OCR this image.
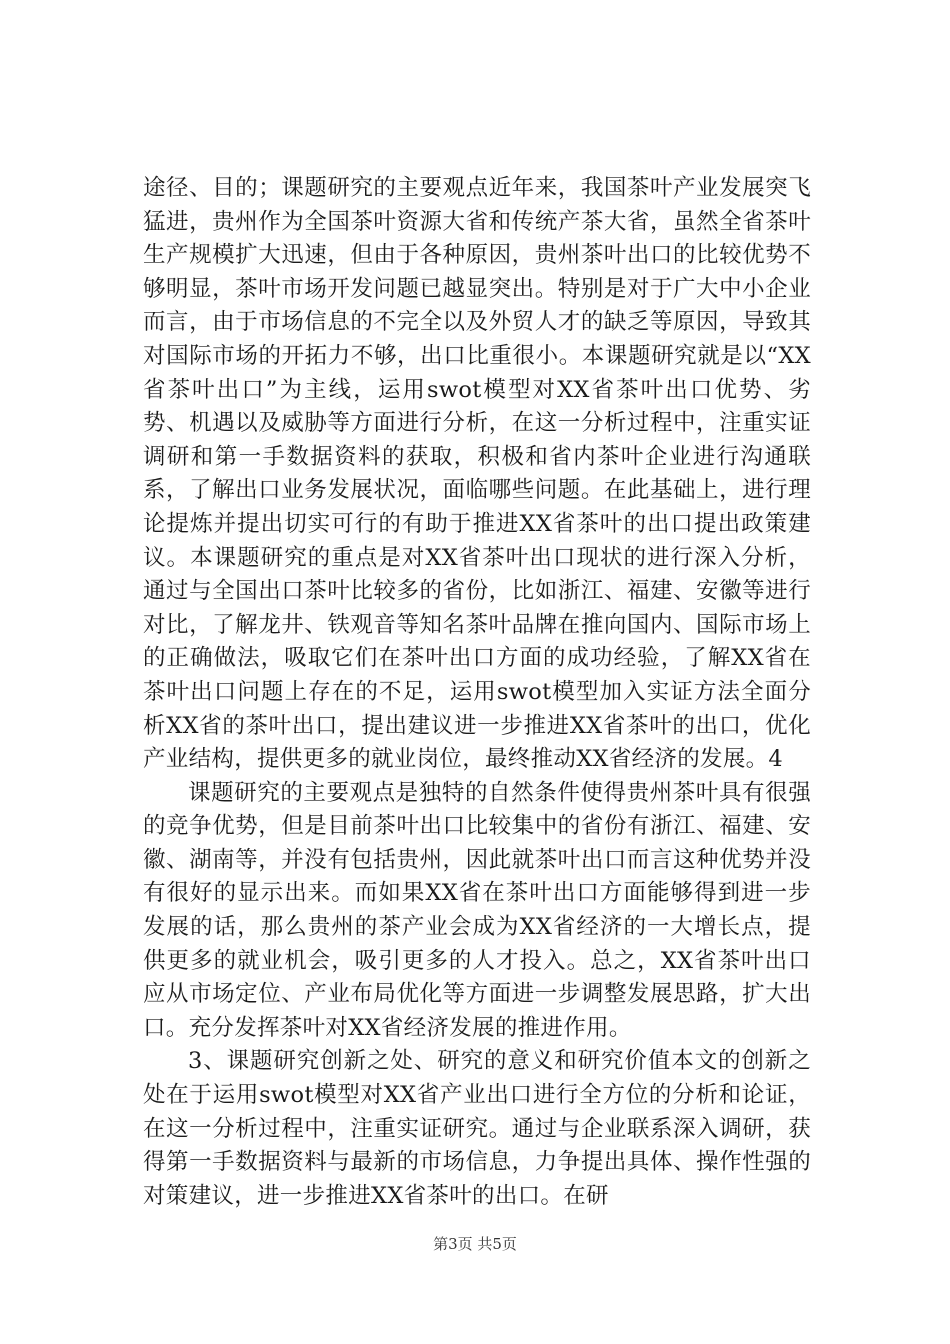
途径、目的；课题研究的主要观点近年来，我国茶叶产业发展突飞猛进，贵州作为全国茶叶资源大省和传统产茶大省，虽然全省茶叶生产规模扩大迅速，但由于各种原因，贵州茶叶出口的比较优势不够明显，茶叶市场开发问题已越显突出。特别是对于广大中小企业而言，由于市场信息的不完全以及外贸人才的缺乏等原因，导致其对国际市场的开拓力不够，出口比重很小。本课题研究就是以“XX省茶叶出口”为主线，运用swot模型对XX省茶叶出口优势、劣势、机遇以及威胁等方面进行分析，在这一分析过程中，注重实证调研和第一手数据资料的获取，积极和省内茶叶企业进行沟通联系，了解出口业务发展状况，面临哪些问题。在此基础上，进行理论提炼并提出切实可行的有助于推进XX省茶叶的出口提出政策建议。本课题研究的重点是对XX省茶叶出口现状的进行深入分析，通过与全国出口茶叶比较多的省份，比如浙江、福建、安徽等进行对比，了解龙井、铁观音等知名茶叶品牌在推向国内、国际市场上的正确做法，吸取它们在茶叶出口方面的成功经验，了解XX省在茶叶出口问题上存在的不足，运用swot模型加入实证方法全面分析XX省的茶叶出口，提出建议进一步推进XX省茶叶的出口，优化产业结构，提供更多的就业岗位，最终推动XX省经济的发展。4

课题研究的主要观点是独特的自然条件使得贵州茶叶具有很强的竞争优势，但是目前茶叶出口比较集中的省份有浙江、福建、安徽、湖南等，并没有包括贵州，因此就茶叶出口而言这种优势并没有很好的显示出来。而如果XX省在茶叶出口方面能够得到进一步发展的话，那么贵州的茶产业会成为XX省经济的一大增长点，提供更多的就业机会，吸引更多的人才投入。总之，XX省茶叶出口应从市场定位、产业布局优化等方面进一步调整发展思路，扩大出口。充分发挥茶叶对XX省经济发展的推进作用。

3、课题研究创新之处、研究的意义和研究价值本文的创新之处在于运用swot模型对XX省产业出口进行全方位的分析和论证，在这一分析过程中，注重实证研究。通过与企业联系深入调研，获得第一手数据资料与最新的市场信息，力争提出具体、操作性强的对策建议，进一步推进XX省茶叶的出口。在研

第3页 共5页
